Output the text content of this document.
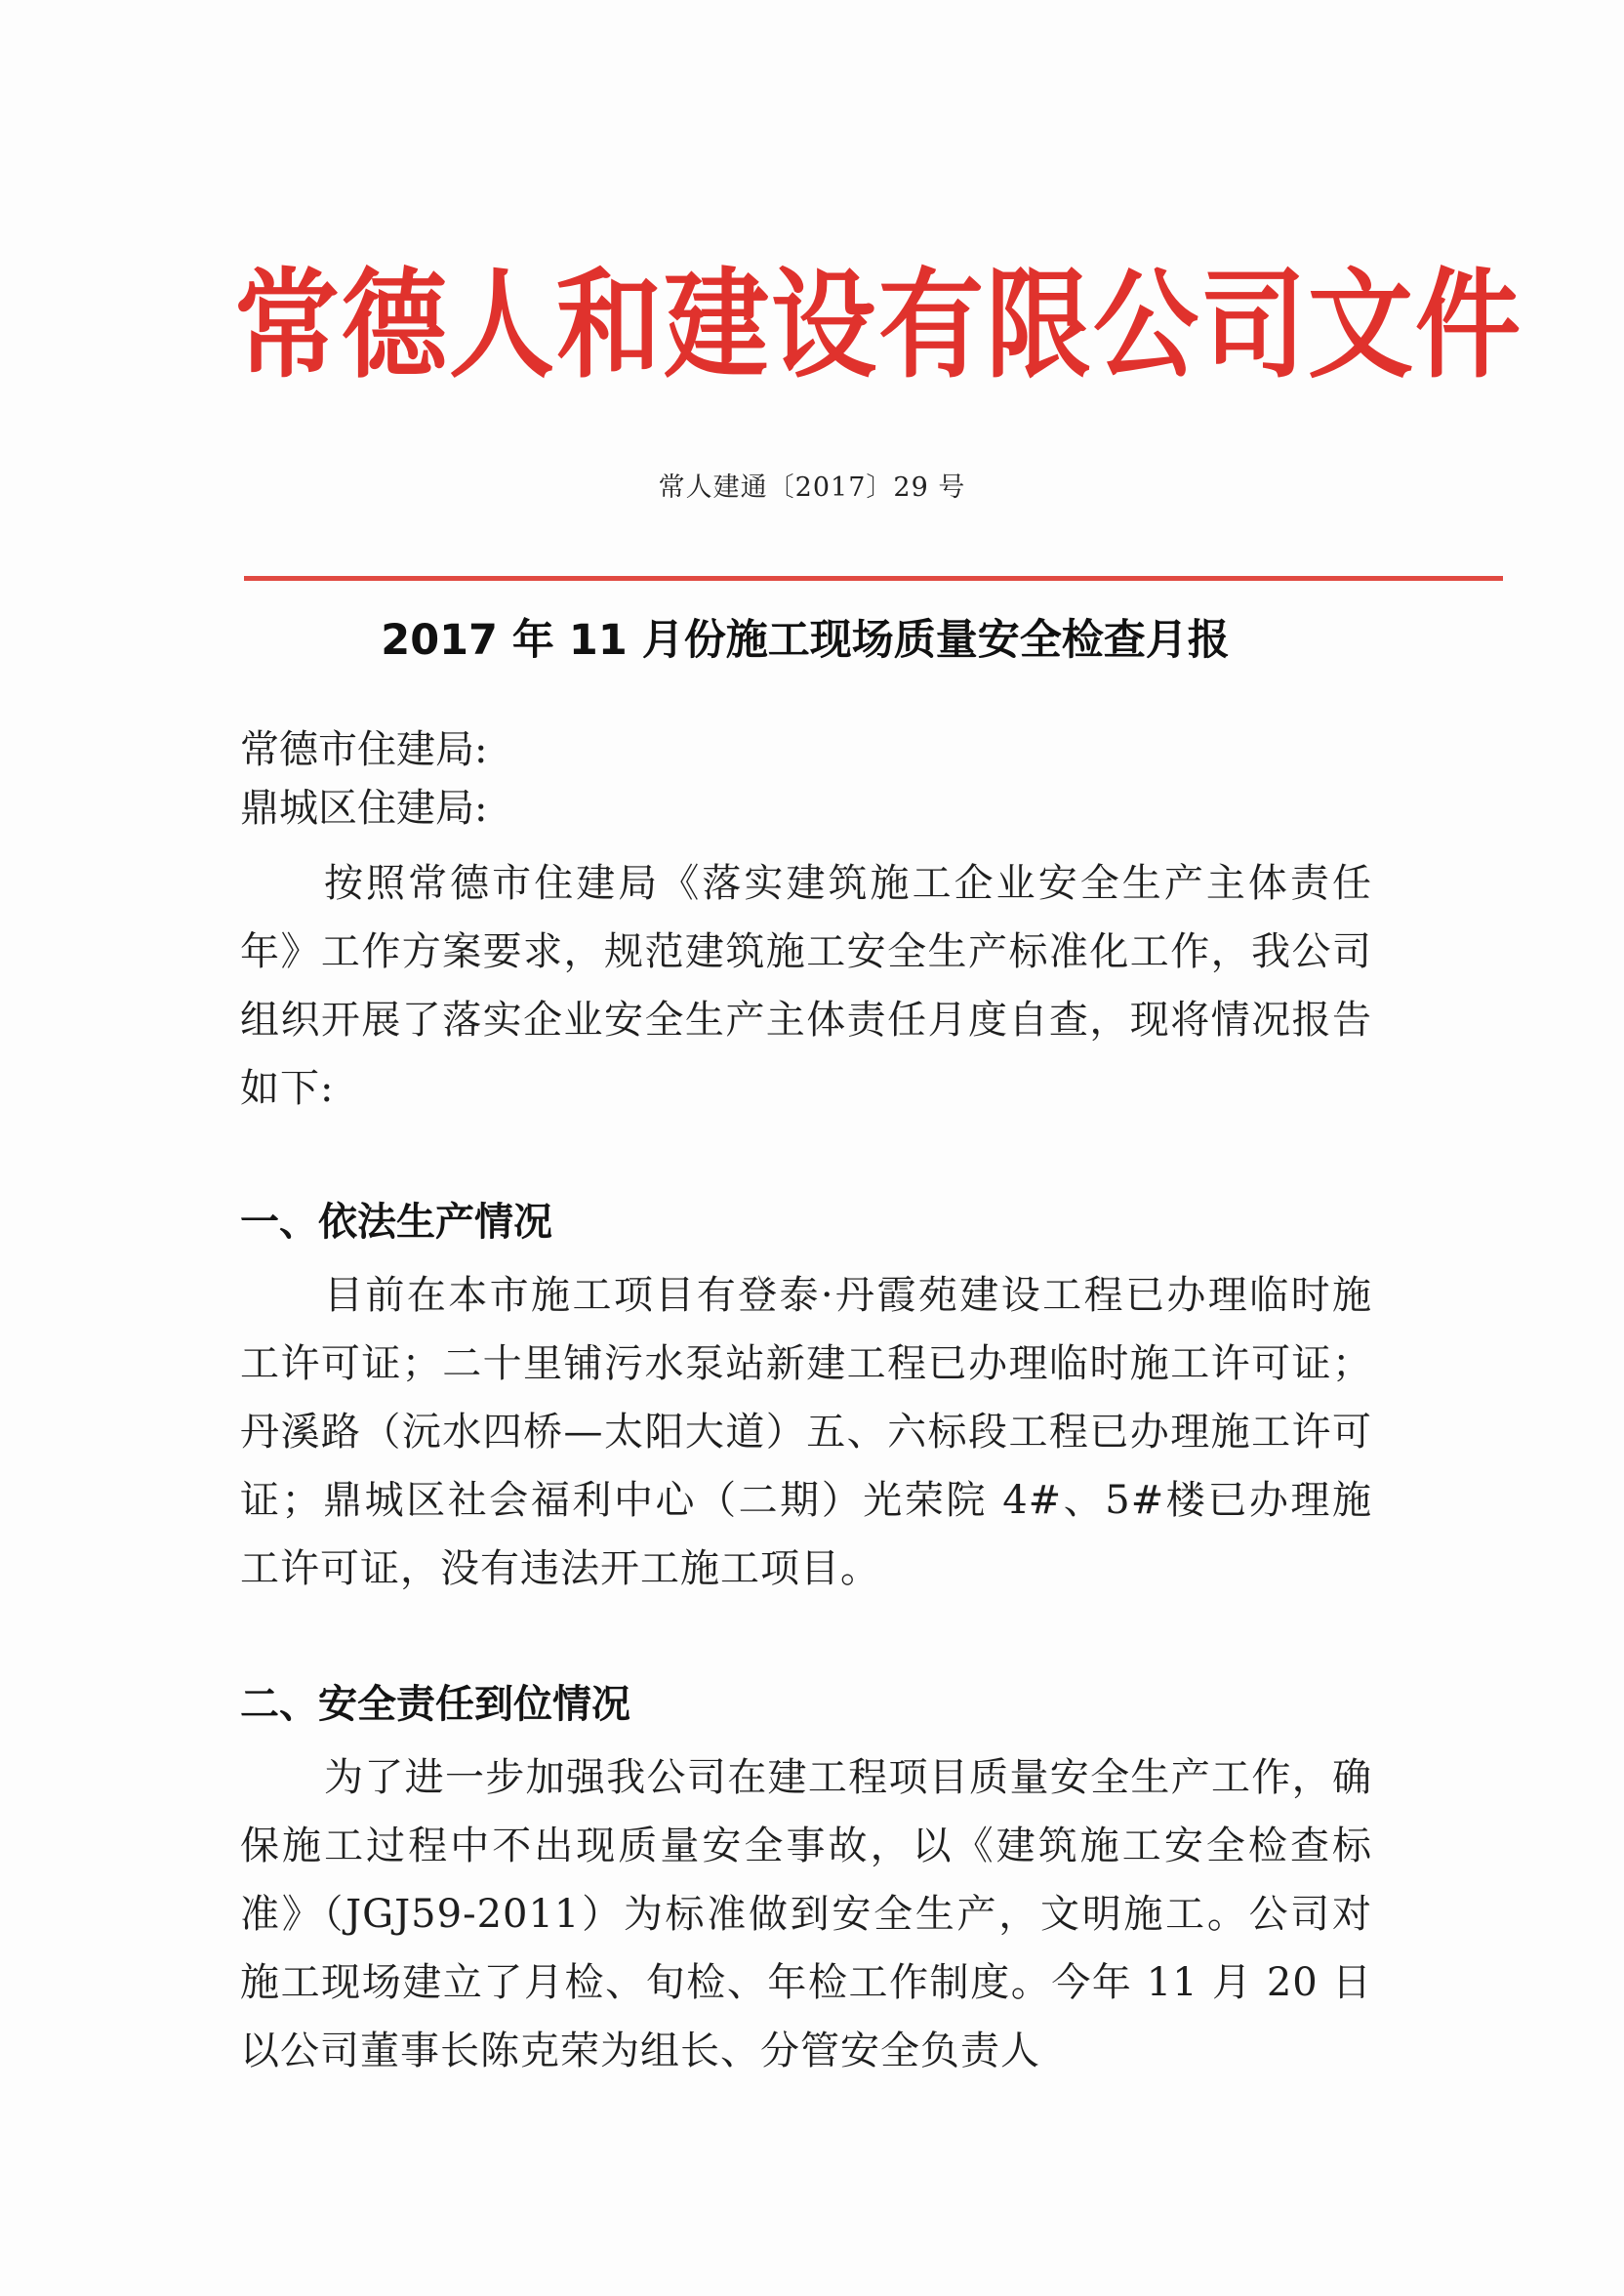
常德人和建设有限公司文件
常人建通〔2017〕29 号
2017 年 11 月份施工现场质量安全检查月报
常德市住建局:
鼎城区住建局:
按照常德市住建局《落实建筑施工企业安全生产主体责任年》工作方案要求，规范建筑施工安全生产标准化工作，我公司组织开展了落实企业安全生产主体责任月度自查，现将情况报告如下:
一、依法生产情况
目前在本市施工项目有登泰·丹霞苑建设工程已办理临时施工许可证；二十里铺污水泵站新建工程已办理临时施工许可证；丹溪路（沅水四桥—太阳大道）五、六标段工程已办理施工许可证；鼎城区社会福利中心（二期）光荣院 4#、5#楼已办理施工许可证，没有违法开工施工项目。
二、安全责任到位情况
为了进一步加强我公司在建工程项目质量安全生产工作，确保施工过程中不出现质量安全事故，以《建筑施工安全检查标准》（JGJ59-2011）为标准做到安全生产，文明施工。公司对施工现场建立了月检、旬检、年检工作制度。今年 11 月 20 日以公司董事长陈克荣为组长、分管安全负责人
